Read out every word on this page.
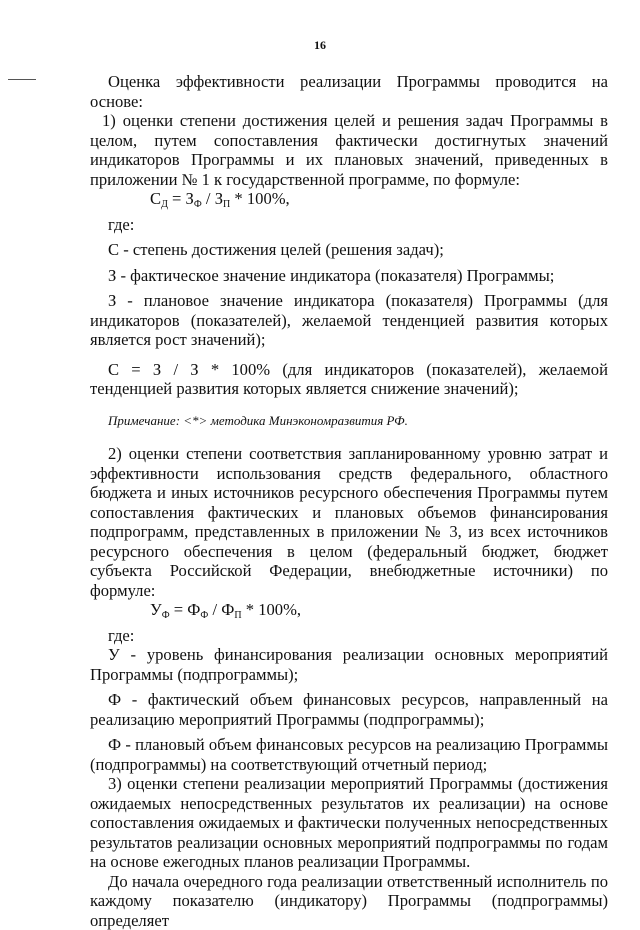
16

Оценка эффективности реализации Программы проводится на основе:

1) оценки степени достижения целей и решения задач Программы в целом, путем сопоставления фактически достигнутых значений индикаторов Программы и их плановых значений, приведенных в приложении № 1 к государственной программе, по формуле:

$С_Д = З_Ф / З_П * 100\%$,

где:

С - степень достижения целей (решения задач);

З - фактическое значение индикатора (показателя) Программы;

З - плановое значение индикатора (показателя) Программы (для индикаторов (показателей), желаемой тенденцией развития которых является рост значений);

С = З / З * 100% (для индикаторов (показателей), желаемой тенденцией развития которых является снижение значений);

Примечание: <*> методика Минэкономразвития РФ.

2) оценки степени соответствия запланированному уровню затрат и эффективности использования средств федерального, областного бюджета и иных источников ресурсного обеспечения Программы путем сопоставления фактических и плановых объемов финансирования подпрограмм, представленных в приложении № 3, из всех источников ресурсного обеспечения в целом (федеральный бюджет, бюджет субъекта Российской Федерации, внебюджетные источники) по формуле:

$У_Ф = Ф_Ф / Ф_П * 100\%$,

где:

У - уровень финансирования реализации основных мероприятий Программы (подпрограммы);

Ф - фактический объем финансовых ресурсов, направленный на реализацию мероприятий Программы (подпрограммы);

Ф - плановый объем финансовых ресурсов на реализацию Программы (подпрограммы) на соответствующий отчетный период;

3) оценки степени реализации мероприятий Программы (достижения ожидаемых непосредственных результатов их реализации) на основе сопоставления ожидаемых и фактически полученных непосредственных результатов реализации основных мероприятий подпрограммы по годам на основе ежегодных планов реализации Программы.

До начала очередного года реализации ответственный исполнитель по каждому показателю (индикатору) Программы (подпрограммы) определяет
